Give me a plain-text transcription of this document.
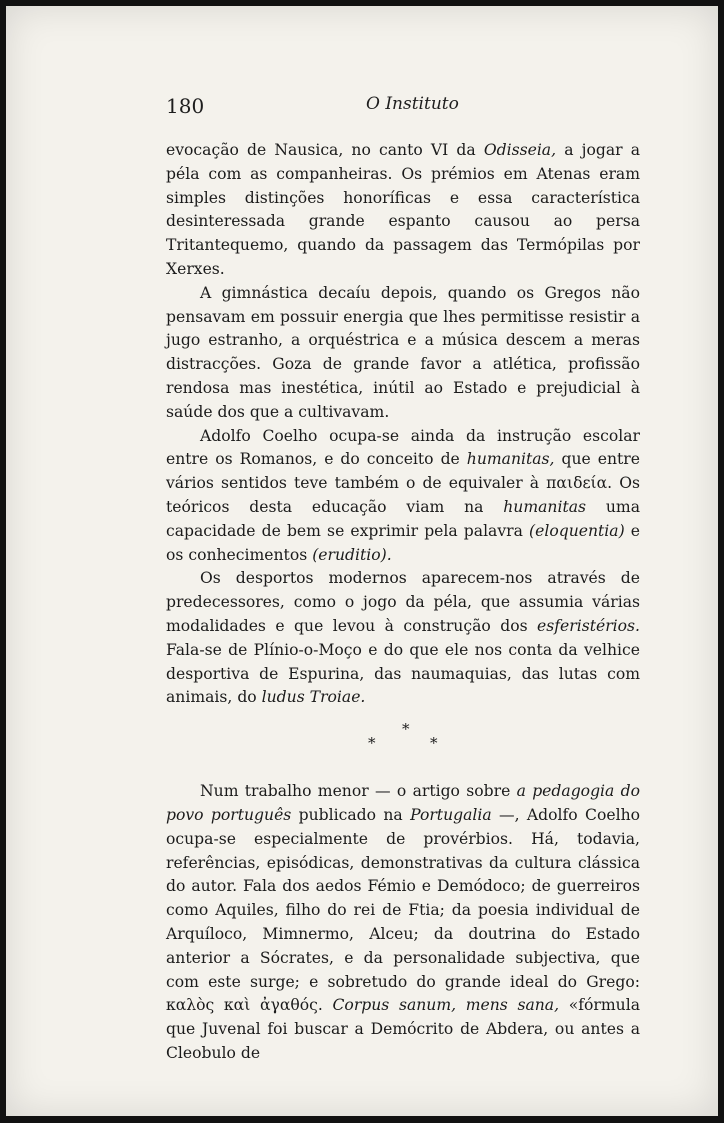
180	O Instituto

evocação de Nausica, no canto VI da Odisseia, a jogar a péla com as companheiras. Os prémios em Atenas eram simples distinções honoríficas e essa característica desinteressada grande espanto causou ao persa Tritantequemo, quando da passagem das Termópilas por Xerxes.

A gimnástica decaíu depois, quando os Gregos não pensavam em possuir energia que lhes permitisse resistir a jugo estranho, a orquéstrica e a música descem a meras distracções. Goza de grande favor a atlética, profissão rendosa mas inestética, inútil ao Estado e prejudicial à saúde dos que a cultivavam.

Adolfo Coelho ocupa-se ainda da instrução escolar entre os Romanos, e do conceito de humanitas, que entre vários sentidos teve também o de equivaler à παιδεία. Os teóricos desta educação viam na humanitas uma capacidade de bem se exprimir pela palavra (eloquentia) e os conhecimentos (eruditio).

Os desportos modernos aparecem-nos através de predecessores, como o jogo da péla, que assumia várias modalidades e que levou à construção dos esferistérios. Fala-se de Plínio-o-Moço e do que ele nos conta da velhice desportiva de Espurina, das naumaquias, das lutas com animais, do ludus Troiae.

*
*	*

Num trabalho menor — o artigo sobre a pedagogia do povo português publicado na Portugalia —, Adolfo Coelho ocupa-se especialmente de provérbios. Há, todavia, referências, episódicas, demonstrativas da cultura clássica do autor. Fala dos aedos Fémio e Demódoco; de guerreiros como Aquiles, filho do rei de Ftia; da poesia individual de Arquíloco, Mimnermo, Alceu; da doutrina do Estado anterior a Sócrates, e da personalidade subjectiva, que com este surge; e sobretudo do grande ideal do Grego: καλὸς καὶ ἀγαθός. Corpus sanum, mens sana, «fórmula que Juvenal foi buscar a Demócrito de Abdera, ou antes a Cleobulo de
